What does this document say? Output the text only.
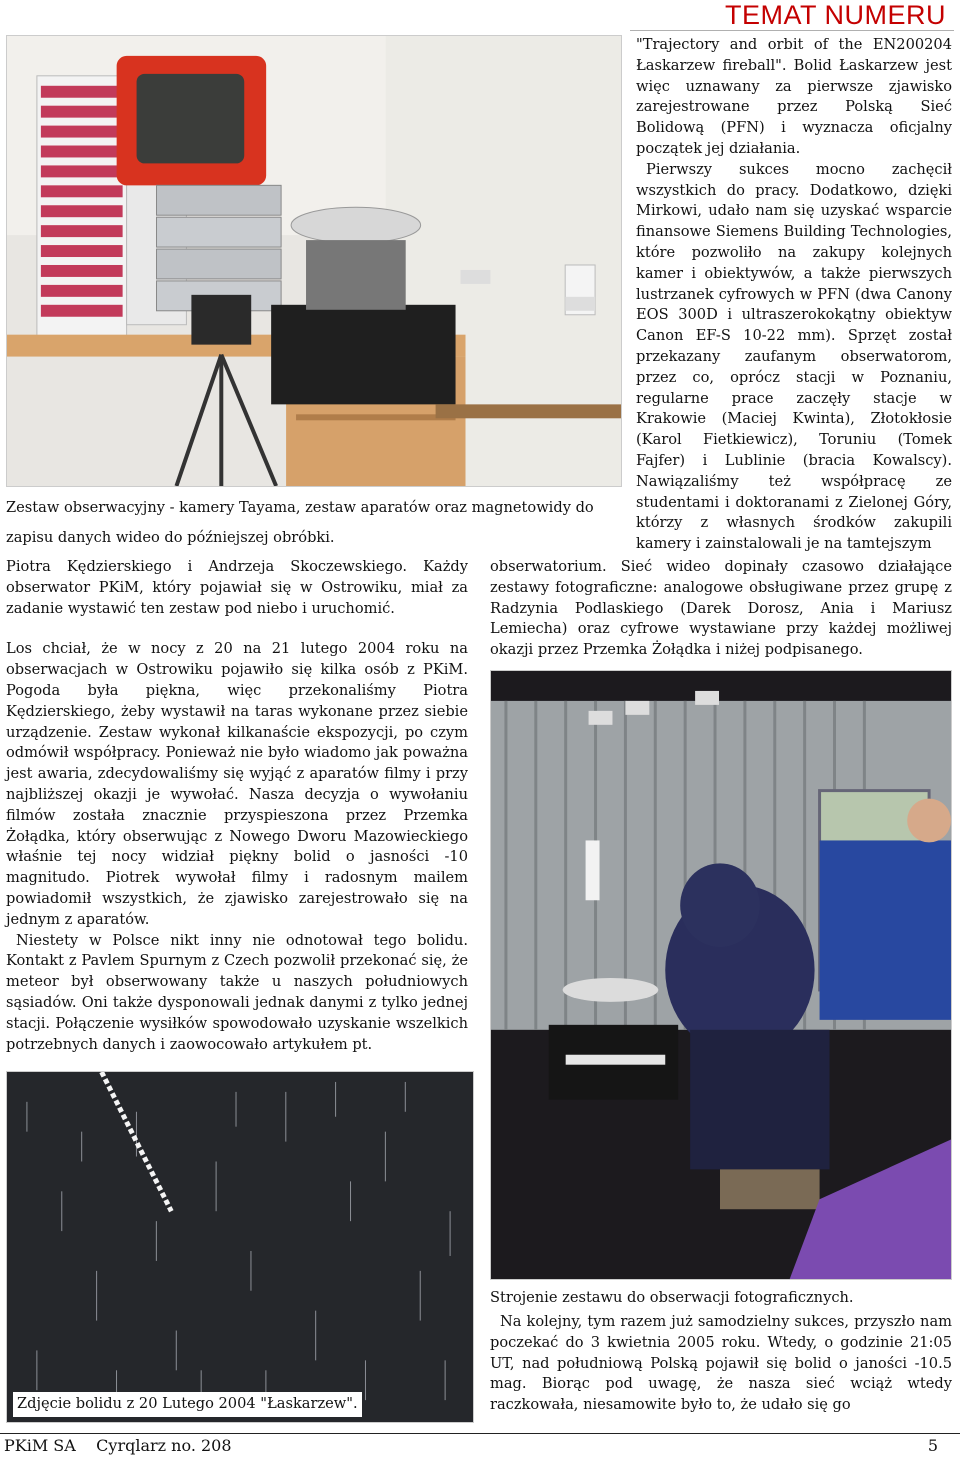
TEMAT NUMERU

"Trajectory and orbit of the EN200204 Łaskarzew fireball". Bolid Łaskarzew jest więc uznawany za pierwsze zjawisko zarejestrowane przez Polską Sieć Bolidową (PFN) i wyznacza oficjalny początek jej działania.

Pierwszy sukces mocno zachęcił wszystkich do pracy. Dodatkowo, dzięki Mirkowi, udało nam się uzyskać wsparcie finansowe Siemens Building Technologies, które pozwoliło na zakupy kolejnych kamer i obiektywów, a także pierwszych lustrzanek cyfrowych w PFN (dwa Canony EOS 300D i ultraszerokokątny obiektyw Canon EF-S 10-22 mm). Sprzęt został przekazany zaufanym obserwatorom, przez co, oprócz stacji w Poznaniu, regularne prace zaczęły stacje w Krakowie (Maciej Kwinta), Złotokłosie (Karol Fietkiewicz), Toruniu (Tomek Fajfer) i Lublinie (bracia Kowalscy). Nawiązaliśmy też współpracę ze studentami i doktoranami z Zielonej Góry, którzy z własnych środków zakupili kamery i zainstalowali je na tamtejszym

Zestaw obserwacyjny - kamery Tayama, zestaw aparatów oraz magnetowidy do zapisu danych wideo do późniejszej obróbki.

Piotra Kędzierskiego i Andrzeja Skoczewskiego. Każdy obserwator PKiM, który pojawiał się w Ostrowiku, miał za zadanie wystawić ten zestaw pod niebo i uruchomić.

Los chciał, że w nocy z 20 na 21 lutego 2004 roku na obserwacjach w Ostrowiku pojawiło się kilka osób z PKiM. Pogoda była piękna, więc przekonaliśmy Piotra Kędzierskiego, żeby wystawił na taras wykonane przez siebie urządzenie. Zestaw wykonał kilkanaście ekspozycji, po czym odmówił współpracy. Ponieważ nie było wiadomo jak poważna jest awaria, zdecydowaliśmy się wyjąć z aparatów filmy i przy najbliższej okazji je wywołać. Nasza decyzja o wywołaniu filmów została znacznie przyspieszona przez Przemka Żołądka, który obserwując z Nowego Dworu Mazowieckiego właśnie tej nocy widział piękny bolid o jasności -10 magnitudo. Piotrek wywołał filmy i radosnym mailem powiadomił wszystkich, że zjawisko zarejestrowało się na jednym z aparatów.

Niestety w Polsce nikt inny nie odnotował tego bolidu. Kontakt z Pavlem Spurnym z Czech pozwolił przekonać się, że meteor był obserwowany także u naszych południowych sąsiadów. Oni także dysponowali jednak danymi z tylko jednej stacji. Połączenie wysiłków spowodowało uzyskanie wszelkich potrzebnych danych i zaowocowało artykułem pt.

obserwatorium. Sieć wideo dopinały czasowo działające zestawy fotograficzne: analogowe obsługiwane przez grupę z Radzynia Podlaskiego (Darek Dorosz, Ania i Mariusz Lemiecha) oraz cyfrowe wystawiane przy każdej możliwej okazji przez Przemka Żołądka i niżej podpisanego.
Zdjęcie bolidu z 20 Lutego 2004 "Łaskarzew".
Strojenie zestawu do obserwacji fotograficznych.

Na kolejny, tym razem już samodzielny sukces, przyszło nam poczekać do 3 kwietnia 2005 roku. Wtedy, o godzinie 21:05 UT, nad południową Polską pojawił się bolid o janości -10.5 mag. Biorąc pod uwagę, że nasza sieć wciąż wtedy raczkowała, niesamowite było to, że udało się go

PKiM SA    Cyrqlarz no. 208	5
